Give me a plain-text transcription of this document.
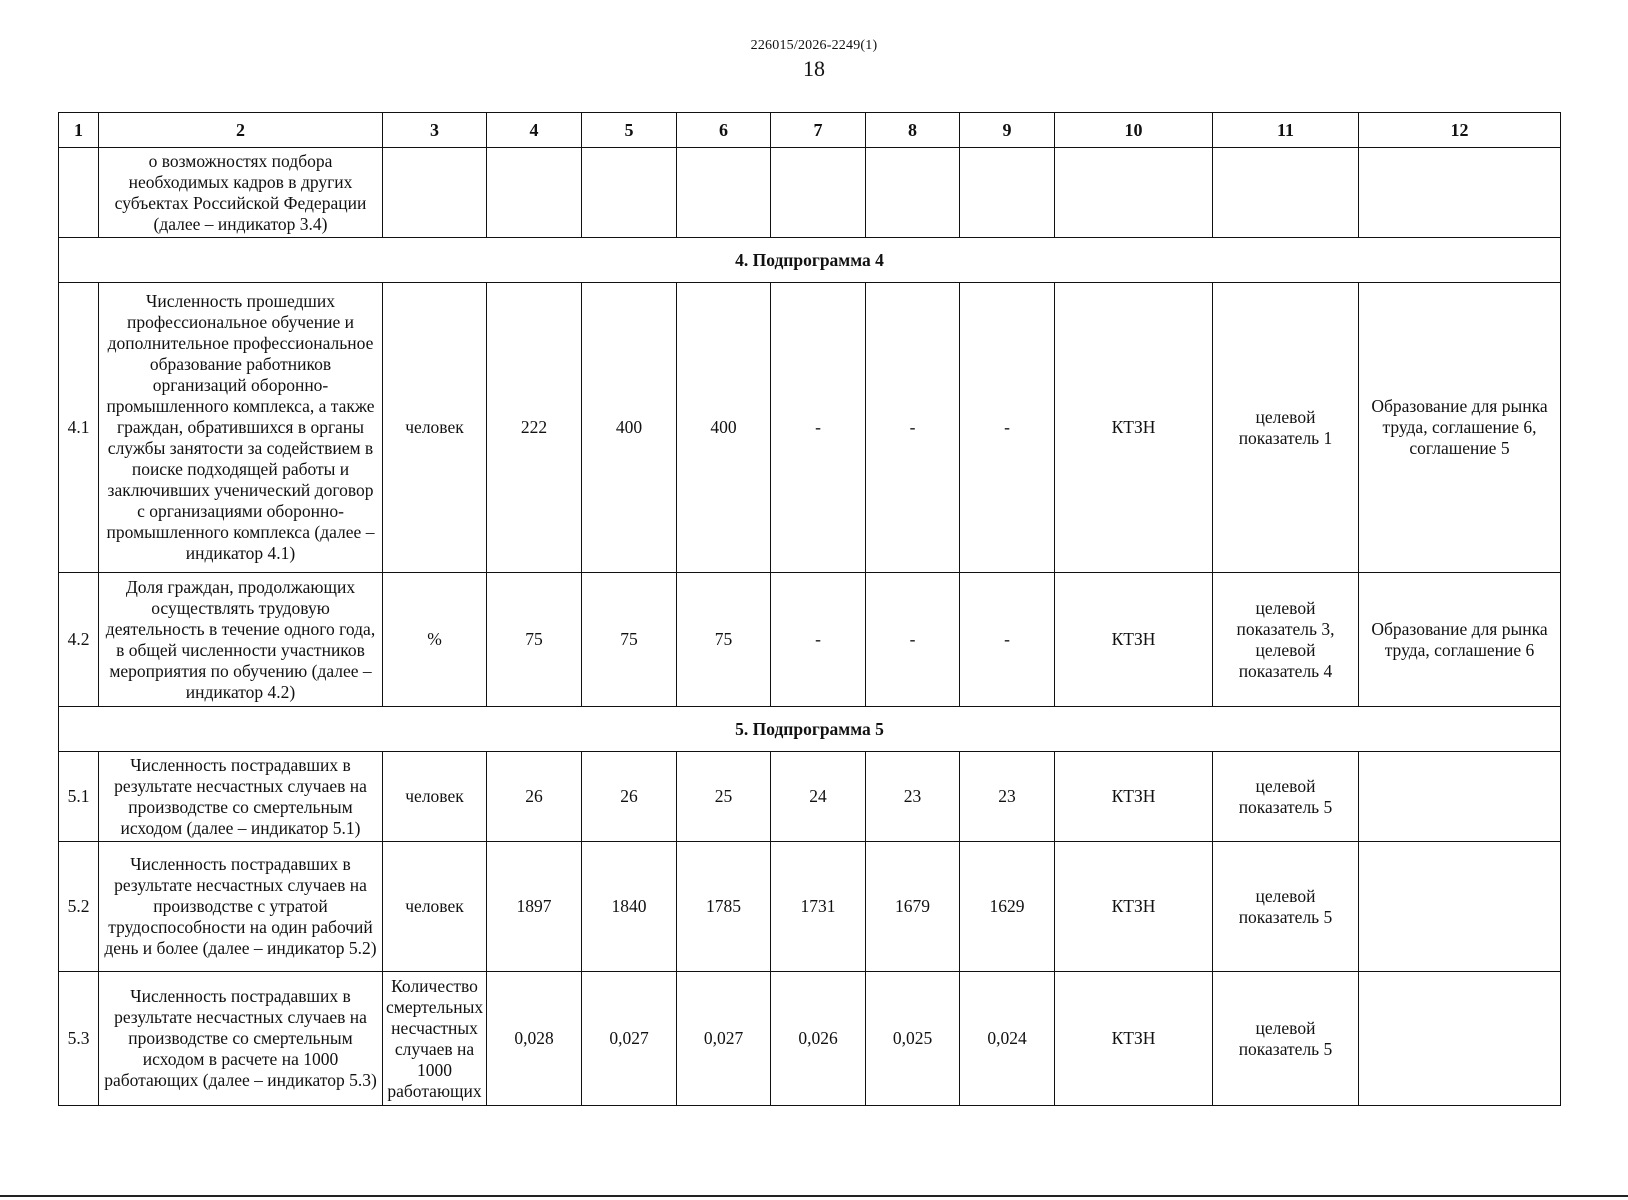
226015/2026-2249(1)
18
1	2	3	4	5	6	7	8	9	10	11	12
	о возможностях подбора необходимых кадров в других субъектах Российской Федерации (далее – индикатор 3.4)										
4. Подпрограмма 4											
4.1	Численность прошедших профессиональное обучение и дополнительное профессиональное образование работников организаций оборонно-промышленного комплекса, а также граждан, обратившихся в органы службы занятости за содействием в поиске подходящей работы и заключивших ученический договор с организациями оборонно-промышленного комплекса (далее – индикатор 4.1)	человек	222	400	400	-	-	-	КТЗН	целевой показатель 1	Образование для рынка труда, соглашение 6, соглашение 5
4.2	Доля граждан, продолжающих осуществлять трудовую деятельность в течение одного года, в общей численности участников мероприятия по обучению (далее – индикатор 4.2)	%	75	75	75	-	-	-	КТЗН	целевой показатель 3, целевой показатель 4	Образование для рынка труда, соглашение 6
5. Подпрограмма 5											
5.1	Численность пострадавших в результате несчастных случаев на производстве со смертельным исходом (далее – индикатор 5.1)	человек	26	26	25	24	23	23	КТЗН	целевой показатель 5	
5.2	Численность пострадавших в результате несчастных случаев на производстве с утратой трудоспособности на один рабочий день и более (далее – индикатор 5.2)	человек	1897	1840	1785	1731	1679	1629	КТЗН	целевой показатель 5	
5.3	Численность пострадавших в результате несчастных случаев на производстве со смертельным исходом в расчете на 1000 работающих (далее – индикатор 5.3)	Количество смертельных несчастных случаев на 1000 работающих	0,028	0,027	0,027	0,026	0,025	0,024	КТЗН	целевой показатель 5	
